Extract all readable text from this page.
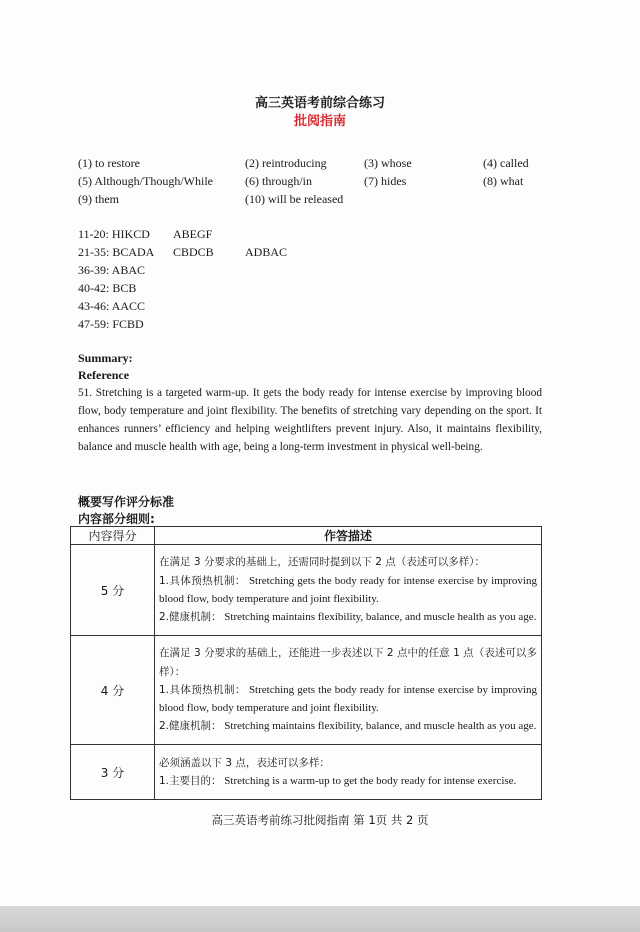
高三英语考前综合练习
批阅指南
(1) to restore	(2) reintroducing	(3) whose	(4) called
(5) Although/Though/While	(6) through/in	(7) hides	(8) what
(9) them	(10) will be released
11-20: HIKCD ABEGF
21-35: BCADA CBDCB	ADBAC
36-39: ABAC
40-42: BCB
43-46: AACC
47-59: FCBD
Summary:
Reference
51. Stretching is a targeted warm-up. It gets the body ready for intense exercise by improving blood flow, body temperature and joint flexibility. The benefits of stretching vary depending on the sport. It enhances runners’ efficiency and helping weightlifters prevent injury. Also, it maintains flexibility, balance and muscle health with age, being a long-term investment in physical well-being.
概要写作评分标准
内容部分细则:
内容得分	作答描述
5 分	在满足 3 分要求的基础上，还需同时提到以下 2 点（表述可以多样）：
1.具体预热机制： Stretching gets the body ready for intense exercise by improving blood flow, body temperature and joint flexibility.
2.健康机制： Stretching maintains flexibility, balance, and muscle health as you age.

4 分	在满足 3 分要求的基础上，还能进一步表述以下 2 点中的任意 1 点（表述可以多样）：
1.具体预热机制： Stretching gets the body ready for intense exercise by improving blood flow, body temperature and joint flexibility.
2.健康机制： Stretching maintains flexibility, balance, and muscle health as you age.

3 分	必须涵盖以下 3 点，表述可以多样：
1.主要目的： Stretching is a warm-up to get the body ready for intense exercise.
高三英语考前练习批阅指南 第 1页 共 2 页
